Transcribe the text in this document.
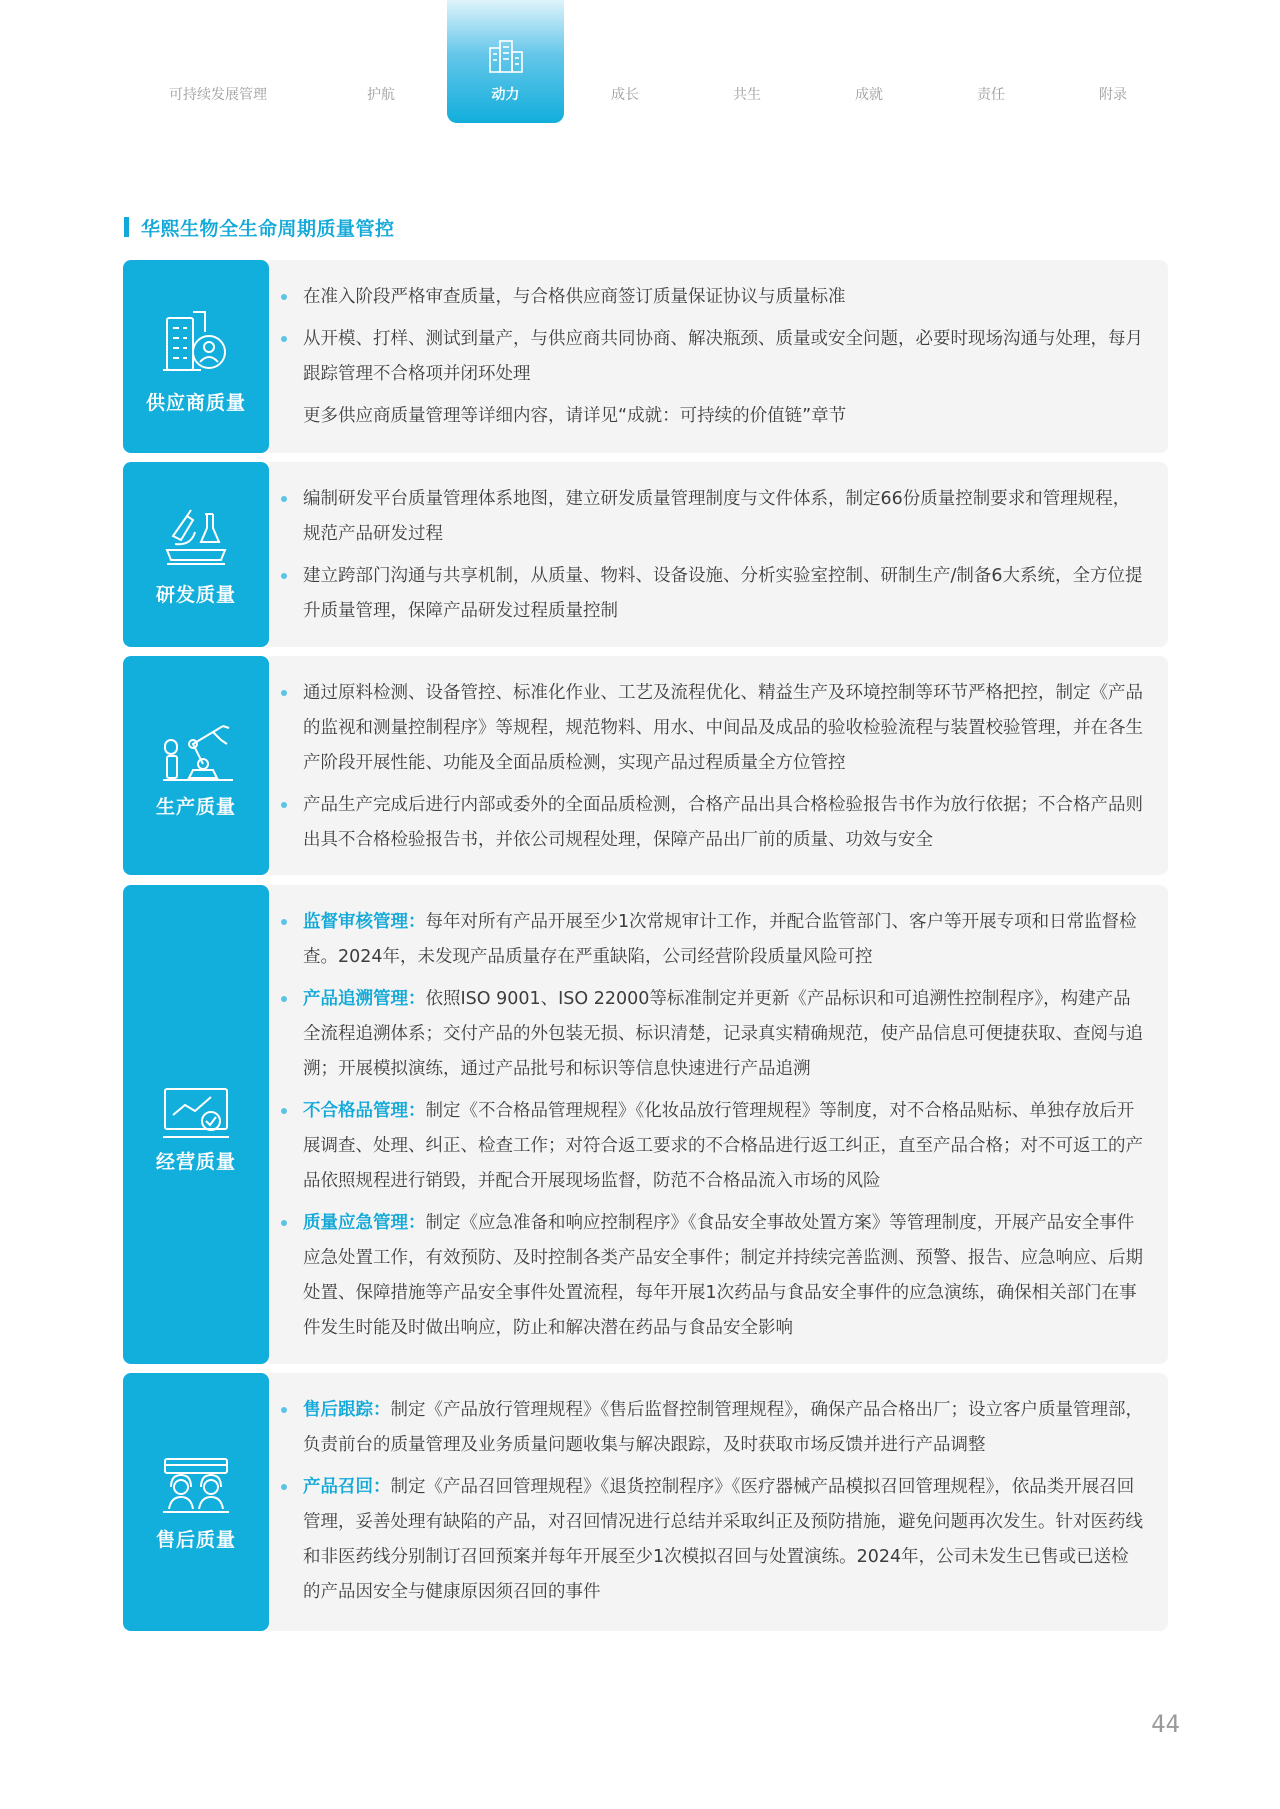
可持续发展管理	护航	动力	成长	共生	成就	责任	附录
华熙生物全生命周期质量管控
供应商质量
在准入阶段严格审查质量，与合格供应商签订质量保证协议与质量标准
从开模、打样、测试到量产，与供应商共同协商、解决瓶颈、质量或安全问题，必要时现场沟通与处理，每月跟踪管理不合格项并闭环处理
更多供应商质量管理等详细内容，请详见“成就：可持续的价值链”章节
研发质量
编制研发平台质量管理体系地图，建立研发质量管理制度与文件体系，制定66份质量控制要求和管理规程，规范产品研发过程
建立跨部门沟通与共享机制，从质量、物料、设备设施、分析实验室控制、研制生产/制备6大系统，全方位提升质量管理，保障产品研发过程质量控制
生产质量
通过原料检测、设备管控、标准化作业、工艺及流程优化、精益生产及环境控制等环节严格把控，制定《产品的监视和测量控制程序》等规程，规范物料、用水、中间品及成品的验收检验流程与装置校验管理，并在各生产阶段开展性能、功能及全面品质检测，实现产品过程质量全方位管控
产品生产完成后进行内部或委外的全面品质检测，合格产品出具合格检验报告书作为放行依据；不合格产品则出具不合格检验报告书，并依公司规程处理，保障产品出厂前的质量、功效与安全
经营质量
监督审核管理：每年对所有产品开展至少1次常规审计工作，并配合监管部门、客户等开展专项和日常监督检查。2024年，未发现产品质量存在严重缺陷，公司经营阶段质量风险可控
产品追溯管理：依照ISO 9001、ISO 22000等标准制定并更新《产品标识和可追溯性控制程序》，构建产品全流程追溯体系；交付产品的外包装无损、标识清楚，记录真实精确规范，使产品信息可便捷获取、查阅与追溯；开展模拟演练，通过产品批号和标识等信息快速进行产品追溯
不合格品管理：制定《不合格品管理规程》《化妆品放行管理规程》等制度，对不合格品贴标、单独存放后开展调查、处理、纠正、检查工作；对符合返工要求的不合格品进行返工纠正，直至产品合格；对不可返工的产品依照规程进行销毁，并配合开展现场监督，防范不合格品流入市场的风险
质量应急管理：制定《应急准备和响应控制程序》《食品安全事故处置方案》等管理制度，开展产品安全事件应急处置工作，有效预防、及时控制各类产品安全事件；制定并持续完善监测、预警、报告、应急响应、后期处置、保障措施等产品安全事件处置流程，每年开展1次药品与食品安全事件的应急演练，确保相关部门在事件发生时能及时做出响应，防止和解决潜在药品与食品安全影响
售后质量
售后跟踪：制定《产品放行管理规程》《售后监督控制管理规程》，确保产品合格出厂；设立客户质量管理部，负责前台的质量管理及业务质量问题收集与解决跟踪，及时获取市场反馈并进行产品调整
产品召回：制定《产品召回管理规程》《退货控制程序》《医疗器械产品模拟召回管理规程》，依品类开展召回管理，妥善处理有缺陷的产品，对召回情况进行总结并采取纠正及预防措施，避免问题再次发生。针对医药线和非医药线分别制订召回预案并每年开展至少1次模拟召回与处置演练。2024年，公司未发生已售或已送检的产品因安全与健康原因须召回的事件
44
